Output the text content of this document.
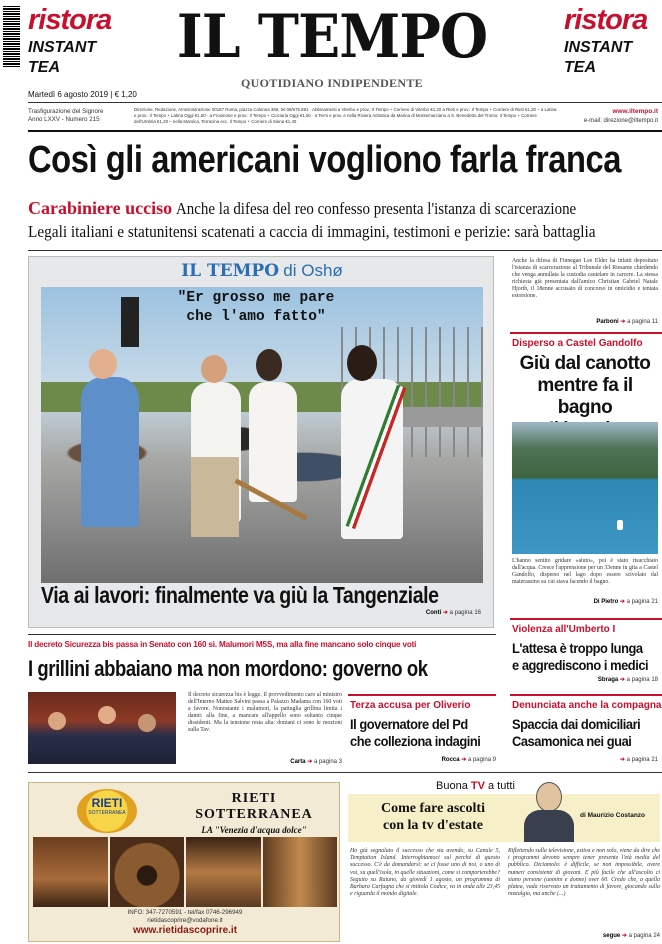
ristora
INSTANT TEA	IL TEMPO
QUOTIDIANO INDIPENDENTE
ristora
INSTANT TEA
Martedì 6 agosto 2019 | € 1,20
Trasfigurazione del Signore
Anno LXXV - Numero 215
Direzione, Redazione, Amministrazione 00187 Roma, piazza Colonna 366, tel 06/675.881 · Abbinamenti a Viterbo e prov.: Il Tempo + Corriere di Viterbo €1,20 a Rieti e prov.: Il Tempo + Corriere di Rieti €1,20 – a Latina e prov.: Il Tempo + Latina Oggi €1,50 · a Frosinone e prov.: Il Tempo + Ciociaria Oggi €1,50 · a Terni e prov. e nella Riviera Adriatica da Marina di Montemarciano a S. Benedetto del Tronto: Il Tempo + Corriere dell'Umbria €1,20 – nella Marsica, Terracina ecc. Il Tempo + Corriere di Siena €1,40
www.iltempo.it
e-mail: direzione@iltempo.it
Così gli americani vogliono farla franca
Carabiniere ucciso Anche la difesa del reo confesso presenta l'istanza di scarcerazione
Legali italiani e statunitensi scatenati a caccia di immagini, testimoni e perizie: sarà battaglia
IL TEMPO di Oshø
"Er grosso me pare
che l'amo fatto"
Via ai lavori: finalmente va giù la Tangenziale
Conti ➔ a pagina 16
Anche la difesa di Finnegan Lee Elder ha infatti depositato l'istanza di scarcerazione al Tribunale del Riesame chiedendo che venga annullata la custodia cautelare in carcere. La stessa richiesta già presentata dall'amico Christian Gabriel Natale Hjorth, il 18enne accusato di concorso in omicidio e tentata estorsione.
Parboni ➔ a pagina 11
Disperso a Castel Gandolfo
Giù dal canotto
mentre fa il bagno
L'hanno sentito gridare «aiuto», poi è stato risucchiato dall'acqua. Cresce l'apprensione per un 33enne in gita a Castel Gandolfo, disperso nel lago dopo essere scivolato dal materassino su cui stava facendo il bagno.
Di Pietro ➔ a pagina 21
Violenza all'Umberto I
L'attesa è troppo lunga
e aggrediscono i medici
Sbraga ➔ a pagina 18
Denunciata anche la compagna
Spaccia dai domiciliari
Casamonica nei guai
➔ a pagina 21
Il decreto Sicurezza bis passa in Senato con 160 sì. Malumori M5S, ma alla fine mancano solo cinque voti
I grillini abbaiano ma non mordono: governo ok
Il decreto sicurezza bis è legge. Il provvedimento caro al ministro dell'Interno Matteo Salvini passa a Palazzo Madama con 160 voti a favore. Nonostante i malumori, la pattuglia grillina limita i danni: alla fine, a mancare all'appello sono soltanto cinque dissidenti. Ma la tensione resta alta: domani ci sono le mozioni sulla Tav.
Carta ➔ a pagina 3
Terza accusa per Oliverio
Il governatore del Pd
che colleziona indagini
Rocca ➔ a pagina 9
RIETI
SOTTERRANEA
RIETI
SOTTERRANEA
LA "Venezia d'acqua dolce"
INFO: 347-7270591 - tel/fax 0746-296949
rietidascoprire@vodafone.it
www.rietidascoprire.it
Buona TV a tutti
Come fare ascolti
con la tv d'estate
di Maurizio Costanzo
Ho già segnalato il successo che sta avendo, su Canale 5, Temptation Island. Interroghiamoci sul perché di questo successo. C'è da domandarsi: se ci fosse uno di noi, o uno di voi, su quell'isola, in quelle situazioni, come si comporterebbe? Seguito su Raiuno, da giovedì 1 agosto, un programma di Barbara Carfagna che si intitola Codice, va in onda alle 23,45 e riguarda il mondo digitale.
Riflettendo sulla televisione, estiva e non solo, viene da dire che i programmi devono sempre tener presente l'età media del pubblico. Diciamolo: è difficile, se non impossibile, avere numeri consistenti di giovani. E più facile che all'ascolto ci siano persone (uomini e donne) over 60. Credo che, a quella platea, vada riservato un trattamento di favore, giocando sulla nostalgia, ma anche (...)
segue ➔ a pagina 24
